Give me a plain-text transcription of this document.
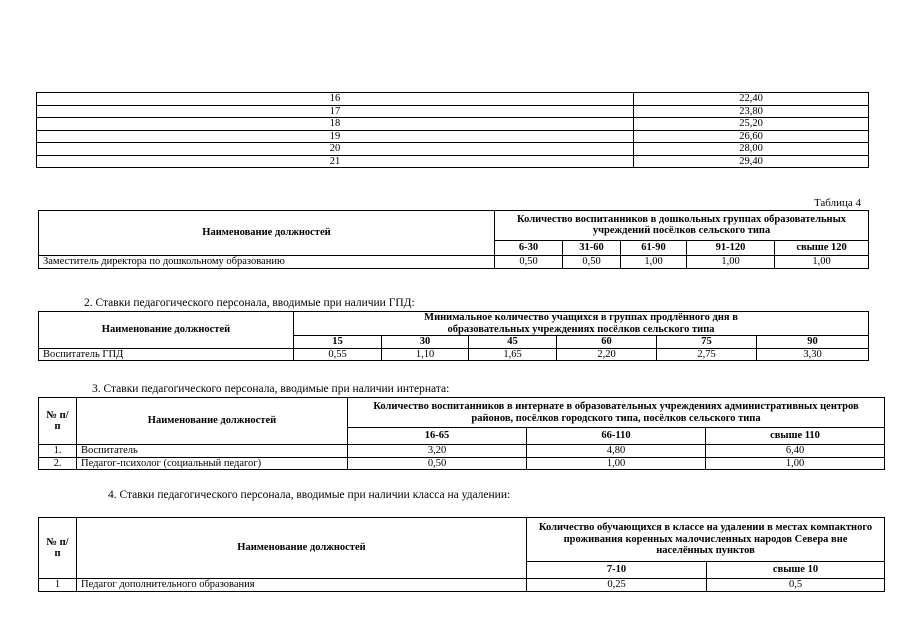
16	22,40
17	23,80
18	25,20
19	26,60
20	28,00
21	29,40
Таблица 4
Наименование должностей	Количество воспитанников в дошкольных группах образовательных учреждений посёлков сельского типа				
	6-30	31-60	61-90	91-120	свыше 120
Заместитель директора по дошкольному образованию	0,50	0,50	1,00	1,00	1,00
2. Ставки педагогического персонала, вводимые при наличии ГПД:
Наименование должностей	Минимальное количество учащихся в группах продлённого дня в образовательных учреждениях посёлков сельского типа					
	15	30	45	60	75	90
Воспитатель ГПД	0,55	1,10	1,65	2,20	2,75	3,30
3. Ставки педагогического персонала, вводимые при наличии интерната:
№ п/п	Наименование должностей	Количество воспитанников в интернате в образовательных учреждениях административных центров районов, посёлков городского типа, посёлков сельского типа		
		16-65	66-110	свыше 110
1.	Воспитатель	3,20	4,80	6,40
2.	Педагог-психолог (социальный педагог)	0,50	1,00	1,00
4. Ставки педагогического персонала, вводимые при наличии класса на удалении:
№ п/п	Наименование должностей	Количество обучающихся в классе на удалении в местах компактного проживания коренных малочисленных народов Севера вне населённых пунктов	
		7-10	свыше 10
1	Педагог дополнительного образования	0,25	0,5
